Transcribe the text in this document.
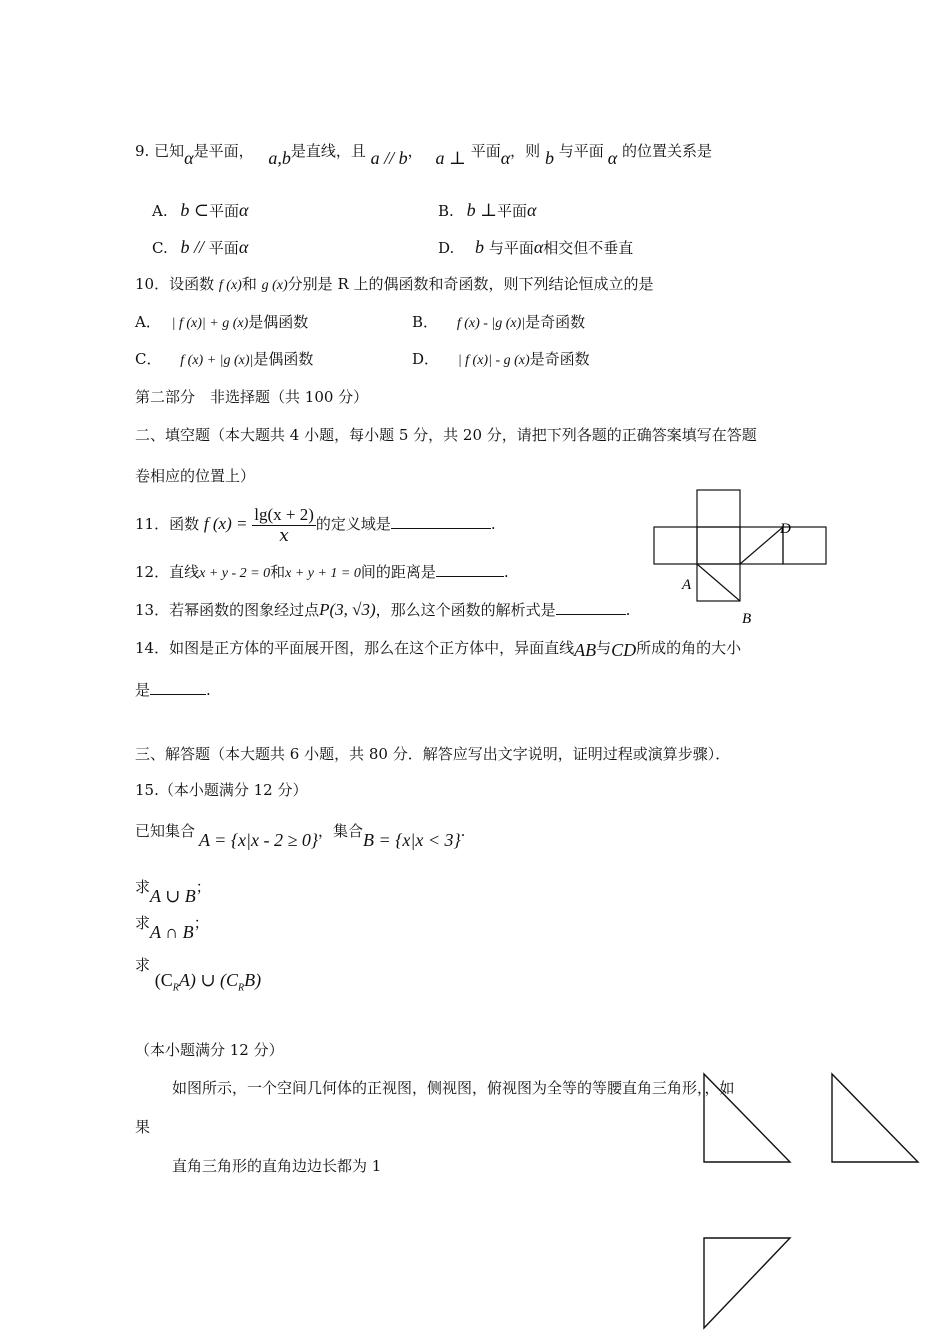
9. 已知α是平面， a,b是直线，且 a // b， a ⊥ 平面α，则 b 与平面 α 的位置关系是
A. b ⊂平面α	B. b ⊥平面α
C. b // 平面α	D. b 与平面α相交但不垂直
10．设函数 f (x)和 g (x)分别是 R 上的偶函数和奇函数，则下列结论恒成立的是
A． | f (x)| + g (x)是偶函数	B． f (x) - |g (x)|是奇函数
C． f (x) + |g (x)|是偶函数	D． | f (x)| - g (x)是奇函数
第二部分　非选择题（共 100 分）
二、填空题（本大题共 4 小题，每小题 5 分，共 20 分，请把下列各题的正确答案填写在答题
卷相应的位置上）
11．函数 f $(x) = \frac{\lg(x + 2)}{x}$ 的定义域是	.
12．直线x + y - 2 = 0和x + y + 1 = 0间的距离是	.
13．若幂函数的图象经过点P(3, √3)，那么这个函数的解析式是	.
14．如图是正方体的平面展开图，那么在这个正方体中，异面直线AB与CD所成的角的大小
是	.
D
A
B
三、解答题（本大题共 6 小题，共 80 分．解答应写出文字说明，证明过程或演算步骤）．
15.（本小题满分 12 分）
已知集合 A = {x|x - 2 ≥ 0}，集合B = {x|x < 3}.
求A ∪ B；
求A ∩ B；
求 $(C_RA)$ ∪ $(C_RB)$
（本小题满分 12 分）
如图所示，一个空间几何体的正视图，侧视图，俯视图为全等的等腰直角三角形，，如
果
直角三角形的直角边边长都为 1
